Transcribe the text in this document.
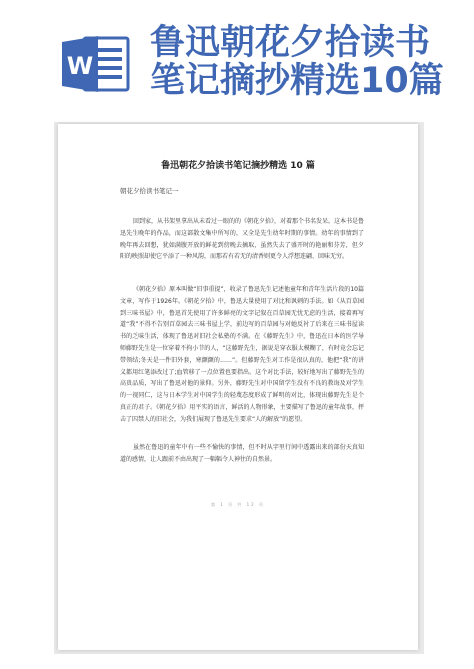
W
鲁迅朝花夕拾读书
笔记摘抄精选10篇
鲁迅朝花夕拾读书笔记摘抄精选 10 篇
朝花夕拾读书笔记一
回到家，从书架里拿出从未看过一眼的的《朝花夕拾》，对着那个书名发呆。这本书是鲁迅先生晚年的作品，而这部散文集中所写的，又全是先生幼年时期的事情。幼年的事情到了晚年再去回想，犹如满腹开放的鲜花到傍晚去摘取，虽然失去了盛开时的艳丽和芬芳，但夕阳的映照却使它平添了一种风韵，而那若有若无的清香则更令人浮想连翩、回味无穷。
《朝花夕拾》原本叫做“旧事重提”，收录了鲁迅先生记述他童年和青年生活片段的10篇文章，写作于1926年。《朝花夕拾》中，鲁迅大量使用了对比和讽刺的手法。如《从百草园到三味书屋》中，鲁迅首先使用了许多鲜亮的文字记叙在百草园无忧无虑的生活，接着再写道“我”不得不告别百草园去三味书屋上学，前边写的百草园与对她反衬了后来在三味书屋读书的乏味生活，体现了鲁迅对旧社会私塾的不满。在《藤野先生》中，鲁迅在日本的医学导师藤野先生是一位穿着不拘小节的人，“这藤野先生，据说是穿衣服太模糊了，有时竟会忘记带领结;冬天是一件旧外套，寒颤颤的……”。但藤野先生对工作是很认真的，他把“我”的讲义都用红笔添改过了;血管移了一点位置也要指出。这个对比手法，较好地写出了藤野先生的高贵品质，写出了鲁迅对他的景仰。另外，藤野先生对中国留学生没有不良的教诲及对学生的一视同仁，这与日本学生对中国学生的轻蔑态度形成了鲜明的对比，体现出藤野先生是个真正的君子。《朝花夕拾》用平实的语言，鲜活的人物形象，主要描写了鲁迅的童年故事，抨击了囚禁人的旧社会，为我们展现了鲁迅先生要求“人的解放”的愿望。
虽然在鲁迅的童年中有一些不愉快的事情，但不时从字里行间中透露出来的部份天真知道的感情，让人跟前不由出现了一幅幅令人神往的自然景。
第 1 页 共 12 页
